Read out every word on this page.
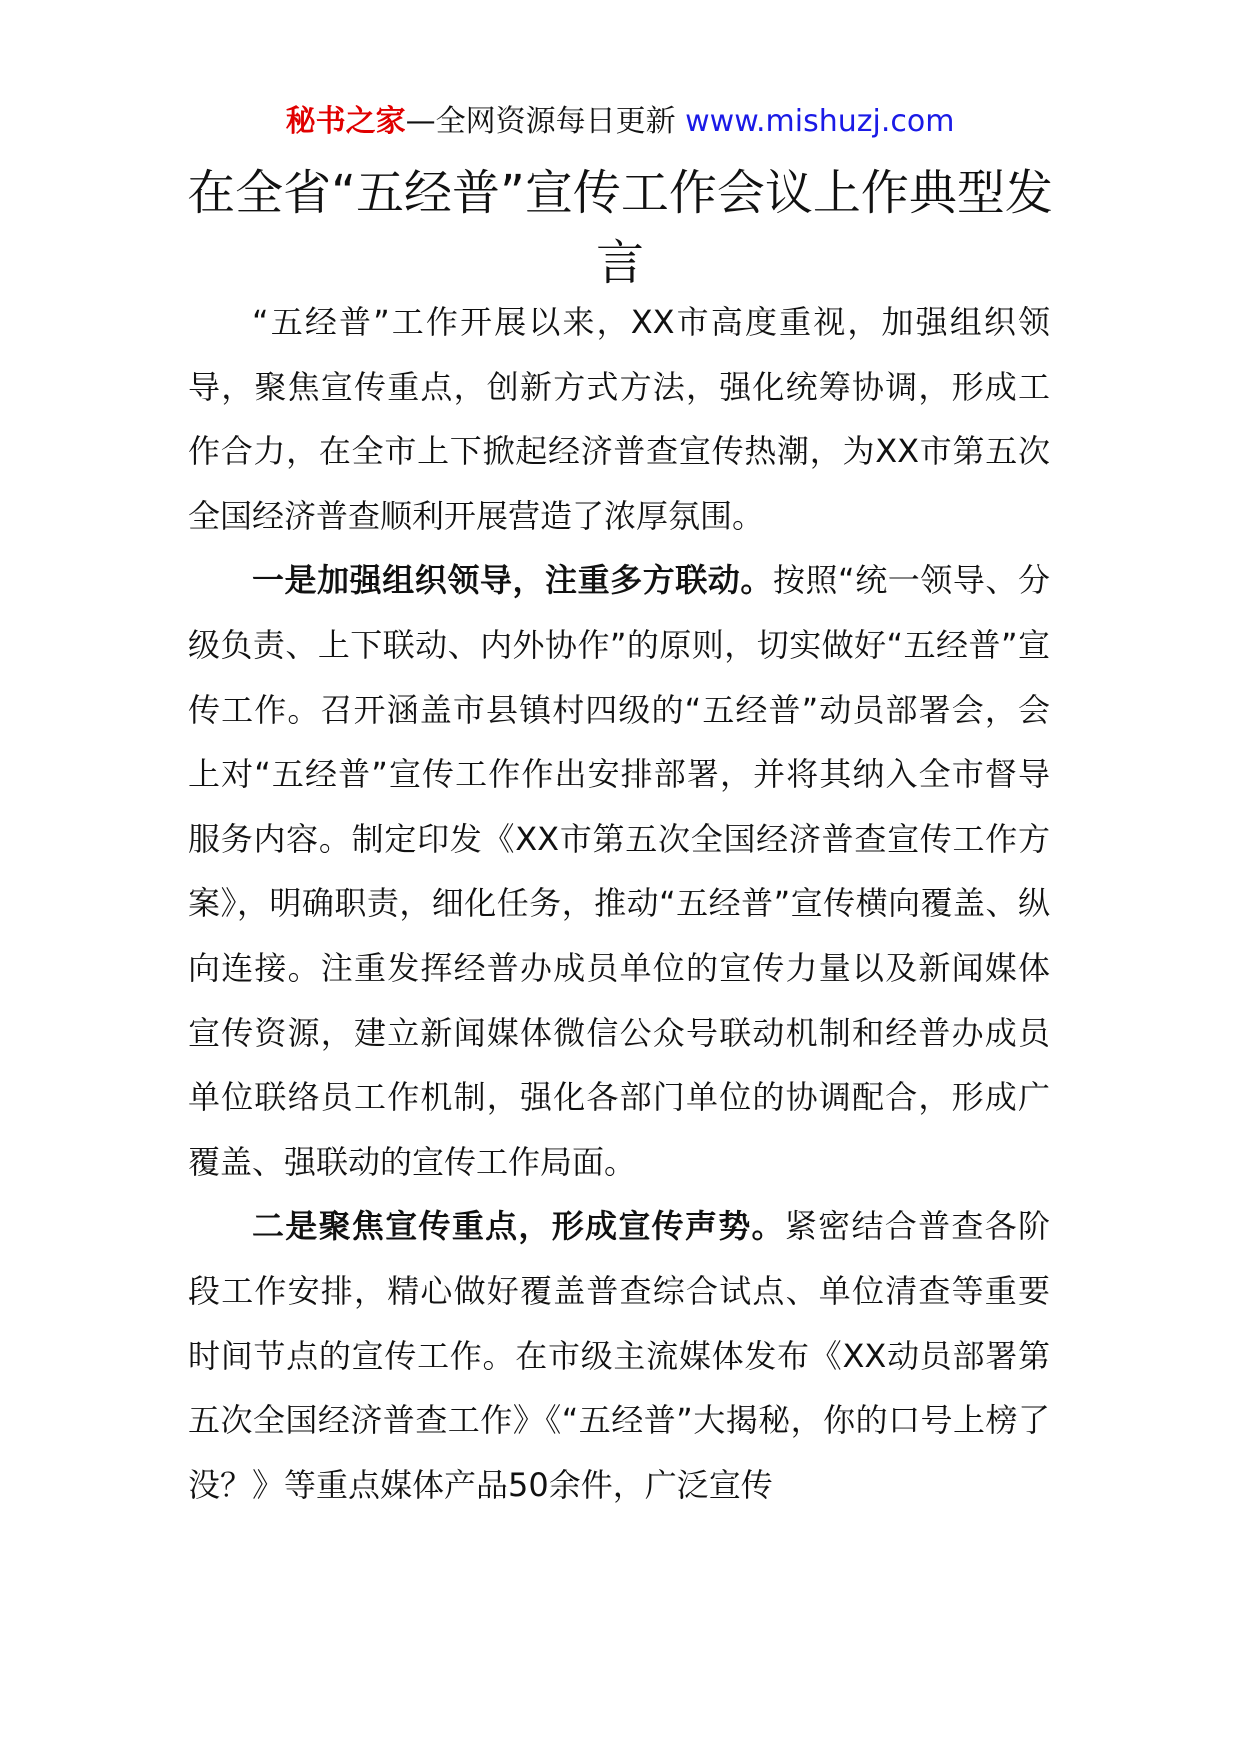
秘书之家—全网资源每日更新 www.mishuzj.com
在全省“五经普”宣传工作会议上作典型发言

“五经普”工作开展以来，XX市高度重视，加强组织领导，聚焦宣传重点，创新方式方法，强化统筹协调，形成工作合力，在全市上下掀起经济普查宣传热潮，为XX市第五次全国经济普查顺利开展营造了浓厚氛围。

一是加强组织领导，注重多方联动。按照“统一领导、分级负责、上下联动、内外协作”的原则，切实做好“五经普”宣传工作。召开涵盖市县镇村四级的“五经普”动员部署会，会上对“五经普”宣传工作作出安排部署，并将其纳入全市督导服务内容。制定印发《XX市第五次全国经济普查宣传工作方案》，明确职责，细化任务，推动“五经普”宣传横向覆盖、纵向连接。注重发挥经普办成员单位的宣传力量以及新闻媒体宣传资源，建立新闻媒体微信公众号联动机制和经普办成员单位联络员工作机制，强化各部门单位的协调配合，形成广覆盖、强联动的宣传工作局面。

二是聚焦宣传重点，形成宣传声势。紧密结合普查各阶段工作安排，精心做好覆盖普查综合试点、单位清查等重要时间节点的宣传工作。在市级主流媒体发布《XX动员部署第五次全国经济普查工作》《“五经普”大揭秘，你的口号上榜了没？》等重点媒体产品50余件，广泛宣传
